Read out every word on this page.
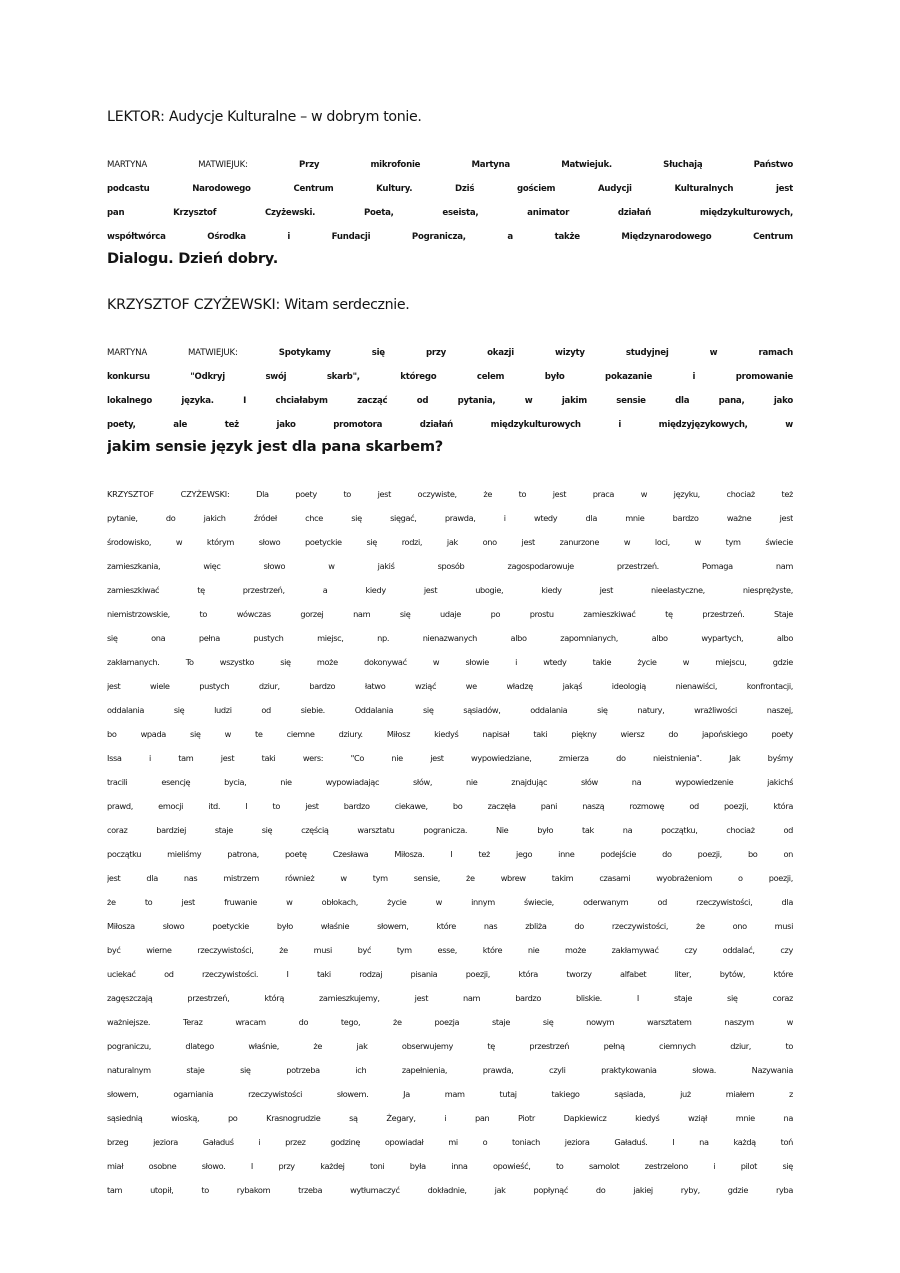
LEKTOR: Audycje Kulturalne – w dobrym tonie.
MARTYNA MATWIEJUK:	Przy mikrofonie Martyna Matwiejuk. Słuchają Państwo
podcastu Narodowego Centrum Kultury. Dziś gościem Audycji Kulturalnych jest
pan Krzysztof Czyżewski. Poeta, eseista, animator działań międzykulturowych,
współtwórca Ośrodka i Fundacji Pogranicza, a także Międzynarodowego Centrum
Dialogu. Dzień dobry.
KRZYSZTOF CZYŻEWSKI: Witam serdecznie.
MARTYNA MATWIEJUK:	Spotykamy się przy okazji wizyty studyjnej w ramach
konkursu "Odkryj swój skarb", którego celem było pokazanie i promowanie
lokalnego języka. I chciałabym zacząć od pytania, w jakim sensie dla pana, jako
poety, ale też jako promotora działań międzykulturowych i międzyjęzykowych, w
jakim sensie język jest dla pana skarbem?
KRZYSZTOF CZYŻEWSKI:	Dla poety to jest oczywiste, że to jest praca w języku, chociaż też
pytanie, do jakich źródeł chce się sięgać, prawda, i wtedy dla mnie bardzo ważne jest
środowisko, w którym słowo poetyckie się rodzi, jak ono jest zanurzone w loci, w tym świecie
zamieszkania, więc słowo w jakiś sposób zagospodarowuje przestrzeń. Pomaga nam
zamieszkiwać tę przestrzeń, a kiedy jest ubogie, kiedy jest nieelastyczne, niesprężyste,
niemistrzowskie, to wówczas gorzej nam się udaje po prostu zamieszkiwać tę przestrzeń. Staje
się ona pełna pustych miejsc, np. nienazwanych albo zapomnianych, albo wypartych, albo
zakłamanych. To wszystko się może dokonywać w słowie i wtedy takie życie w miejscu, gdzie
jest wiele pustych dziur, bardzo łatwo wziąć we władzę jakąś ideologią nienawiści, konfrontacji,
oddalania się ludzi od siebie. Oddalania się sąsiadów, oddalania się natury, wrażliwości naszej,
bo wpada się w te ciemne dziury. Miłosz kiedyś napisał taki piękny wiersz do japońskiego poety
Issa i tam jest taki wers: "Co nie jest wypowiedziane, zmierza do nieistnienia". Jak byśmy
tracili esencję bycia, nie wypowiadając słów, nie znajdując słów na wypowiedzenie jakichś
prawd, emocji itd. I to jest bardzo ciekawe, bo zaczęła pani naszą rozmowę od poezji, która
coraz bardziej staje się częścią warsztatu pogranicza. Nie było tak na początku, chociaż od
początku mieliśmy patrona, poetę Czesława Miłosza. I też jego inne podejście do poezji, bo on
jest dla nas mistrzem również w tym sensie, że wbrew takim czasami wyobrażeniom o poezji,
że to jest fruwanie w obłokach, życie w innym świecie, oderwanym od rzeczywistości, dla
Miłosza słowo poetyckie było właśnie słowem, które nas zbliża do rzeczywistości, że ono musi
być wierne rzeczywistości, że musi być tym esse, które nie może zakłamywać czy oddalać, czy
uciekać od rzeczywistości. I taki rodzaj pisania poezji, która tworzy alfabet liter, bytów, które
zagęszczają przestrzeń, którą zamieszkujemy, jest nam bardzo bliskie. I staje się coraz
ważniejsze. Teraz wracam do tego, że poezja staje się nowym warsztatem naszym w
pograniczu, dlatego właśnie, że jak obserwujemy tę przestrzeń pełną ciemnych dziur, to
naturalnym staje się potrzeba ich zapełnienia, prawda, czyli praktykowania słowa. Nazywania
słowem, ogarniania rzeczywistości słowem. Ja mam tutaj takiego sąsiada, już miałem z
sąsiednią wioską, po Krasnogrudzie są Żegary, i pan Piotr Dapkiewicz kiedyś wziął mnie na
brzeg jeziora Gaładuś i przez godzinę opowiadał mi o toniach jeziora Gaładuś. I na każdą toń
miał osobne słowo. I przy każdej toni była inna opowieść, to samolot zestrzelono i pilot się
tam utopił, to rybakom trzeba wytłumaczyć dokładnie, jak popłynąć do jakiej ryby, gdzie ryba
